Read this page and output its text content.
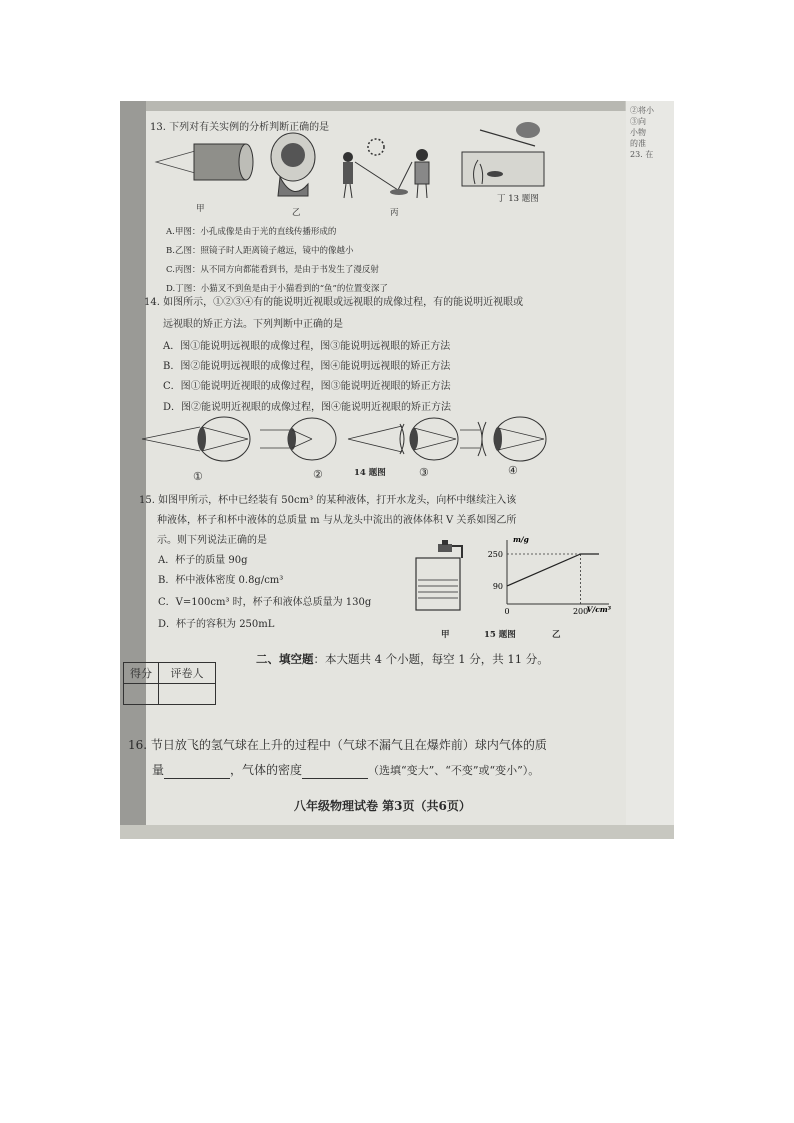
②将小
③向
小物
的准
23. 在
13. 下列对有关实例的分析判断正确的是
甲	乙	丙
丁 13 题图
A.甲图：小孔成像是由于光的直线传播形成的
B.乙图：照镜子时人距离镜子越远，镜中的像越小
C.丙图：从不同方向都能看到书，是由于书发生了漫反射
D.丁图：小猫叉不到鱼是由于小猫看到的“鱼”的位置变深了
14. 如图所示，①②③④有的能说明近视眼或远视眼的成像过程，有的能说明近视眼或
远视眼的矫正方法。下列判断中正确的是
A．图①能说明远视眼的成像过程，图③能说明远视眼的矫正方法
B．图②能说明远视眼的成像过程，图④能说明远视眼的矫正方法
C．图①能说明近视眼的成像过程，图③能说明近视眼的矫正方法
D．图②能说明近视眼的成像过程，图④能说明近视眼的矫正方法
①	②	14 题图	③	④
15. 如图甲所示，杯中已经装有 50cm³ 的某种液体，打开水龙头，向杯中继续注入该
种液体，杯子和杯中液体的总质量 m 与从龙头中流出的液体体积 V 关系如图乙所
示。则下列说法正确的是
A．杯子的质量 90g
B．杯中液体密度 0.8g/cm³
C．V=100cm³ 时，杯子和液体总质量为 130g
D．杯子的容积为 250mL
250
90
0	200
m/g
V/cm³
甲	15 题图	乙
得分	评卷人

二、填空题：本大题共 4 个小题，每空 1 分，共 11 分。
16. 节日放飞的氢气球在上升的过程中（气球不漏气且在爆炸前）球内气体的质
量	，气体的密度	（选填“变大”、“不变”或“变小”）。
八年级物理试卷 第3页（共6页）
